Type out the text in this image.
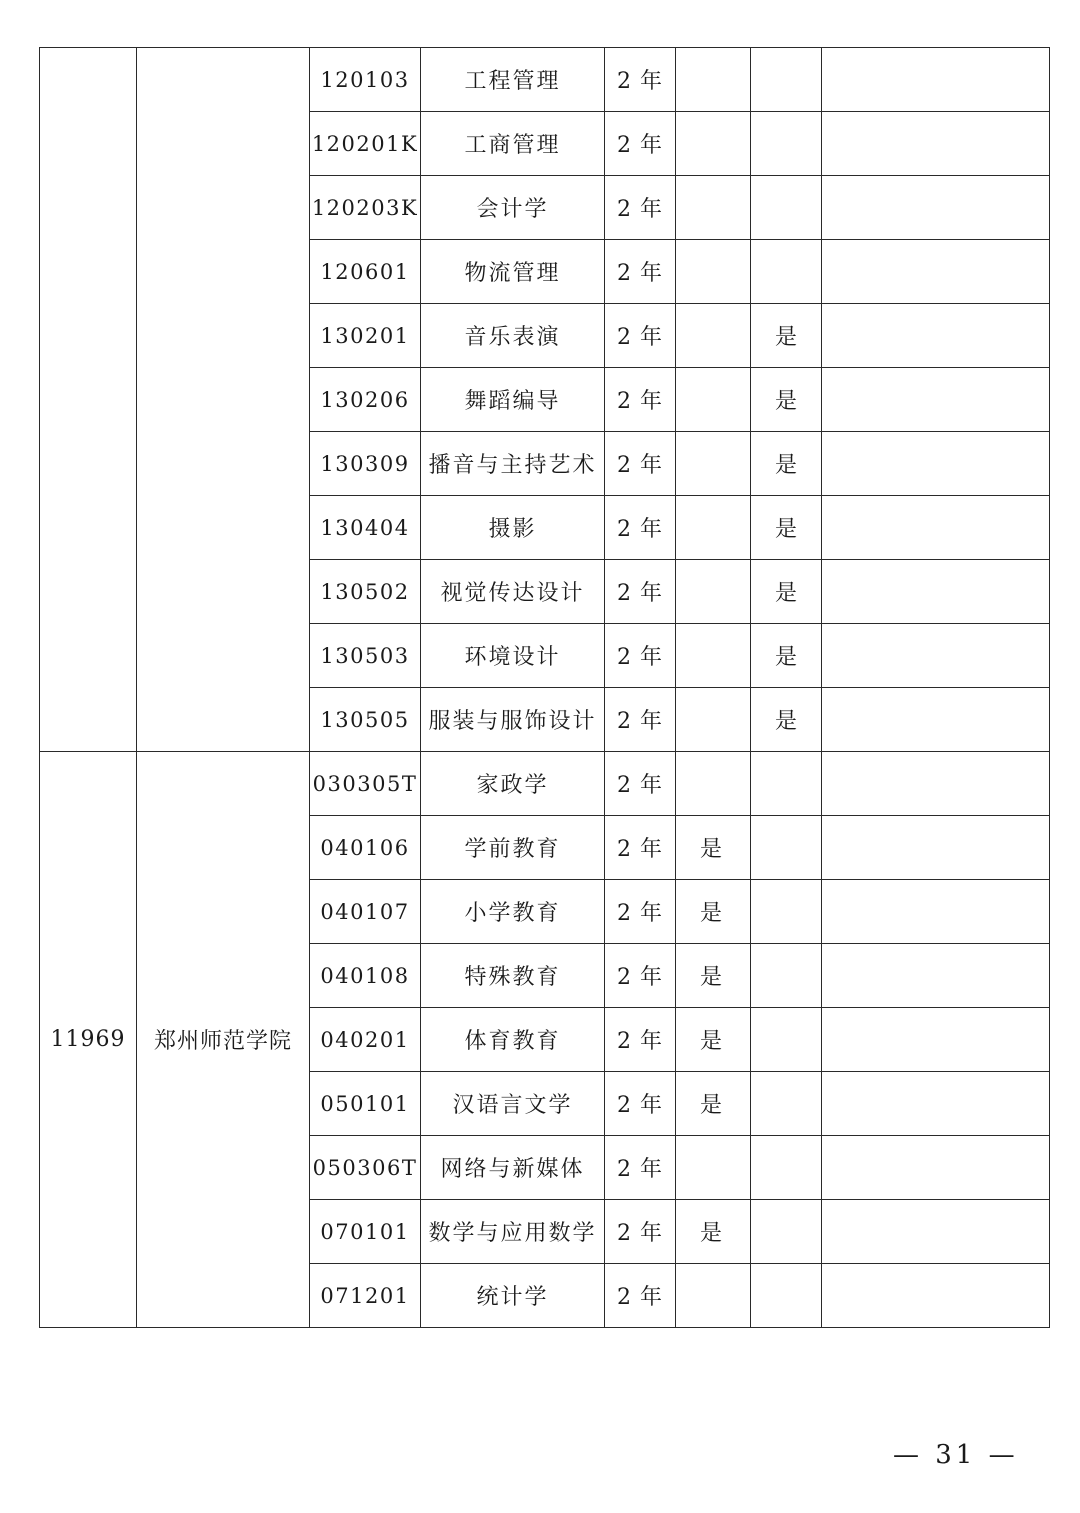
		120103	工程管理	2 年			
		120201K	工商管理	2 年			
		120203K	会计学	2 年			
		120601	物流管理	2 年			
		130201	音乐表演	2 年		是	
		130206	舞蹈编导	2 年		是	
		130309	播音与主持艺术	2 年		是	
		130404	摄影	2 年		是	
		130502	视觉传达设计	2 年		是	
		130503	环境设计	2 年		是	
		130505	服装与服饰设计	2 年		是	
11969	郑州师范学院	030305T	家政学	2 年			
		040106	学前教育	2 年	是		
		040107	小学教育	2 年	是		
		040108	特殊教育	2 年	是		
		040201	体育教育	2 年	是		
		050101	汉语言文学	2 年	是		
		050306T	网络与新媒体	2 年			
		070101	数学与应用数学	2 年	是		
		071201	统计学	2 年			
— 31 —
